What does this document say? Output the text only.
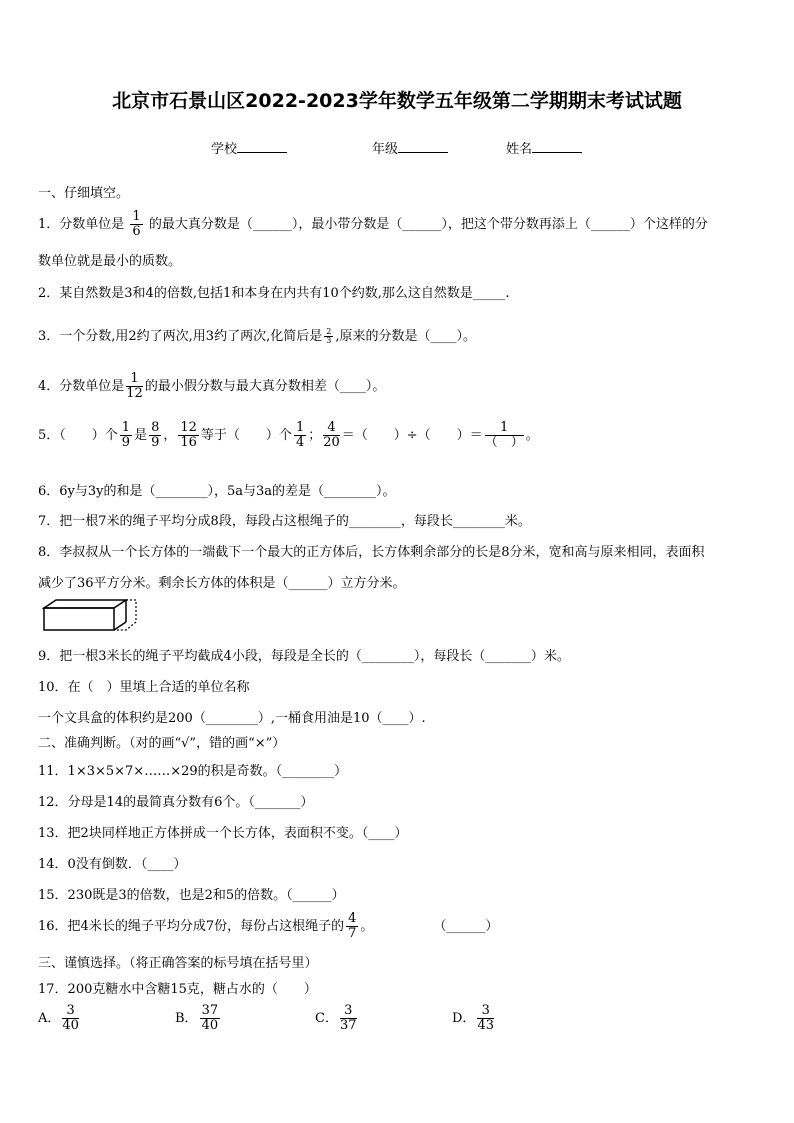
北京市石景山区2022-2023学年数学五年级第二学期期末考试试题
学校	年级	姓名
一、仔细填空。
1．分数单位是 $\frac{1}{6}$ 的最大真分数是（______），最小带分数是（______），把这个带分数再添上（______）个这样的分
数单位就是最小的质数。
2．某自然数是3和4的倍数,包括1和本身在内共有10个约数,那么这自然数是_____.
3．一个分数,用2约了两次,用3约了两次,化简后是 $\frac{2}{3}$ ,原来的分数是（____）。
4．分数单位是 $\frac{1}{12}$ 的最小假分数与最大真分数相差（____）。
5．（　　）个 $\frac{1}{9}$ 是 $\frac{8}{9}$ ， $\frac{12}{16}$ 等于（　　）个 $\frac{1}{4}$ ； $\frac{4}{20}$ ＝（　　）÷（　　）＝ $\frac{1}{( )}$ 。
6．6y与3y的和是（________），5a与3a的差是（________）。
7．把一根7米的绳子平均分成8段，每段占这根绳子的________，每段长________米。
8．李叔叔从一个长方体的一端截下一个最大的正方体后，长方体剩余部分的长是8分米，宽和高与原来相同，表面积
减少了36平方分米。剩余长方体的体积是（______）立方分米。
9．把一根3米长的绳子平均截成4小段，每段是全长的（________），每段长（_______）米。
10．在（　）里填上合适的单位名称
一个文具盒的体积约是200（________）,一桶食用油是10（____）.
二、准确判断。（对的画“√”，错的画“×”）
11．1×3×5×7×……×29的积是奇数。（________）
12．分母是14的最简真分数有6个。（_______）
13．把2块同样地正方体拼成一个长方体，表面积不变。（____）
14．0没有倒数．（____）
15．230既是3的倍数，也是2和5的倍数。（______）
16．把4米长的绳子平均分成7份，每份占这根绳子的 $\frac{4}{7}$ 。	（______）
三、谨慎选择。（将正确答案的标号填在括号里）
17．200克糖水中含糖15克，糖占水的（　　）
A． $\frac{3}{40}$	B． $\frac{37}{40}$	C． $\frac{3}{37}$	D． $\frac{3}{43}$
